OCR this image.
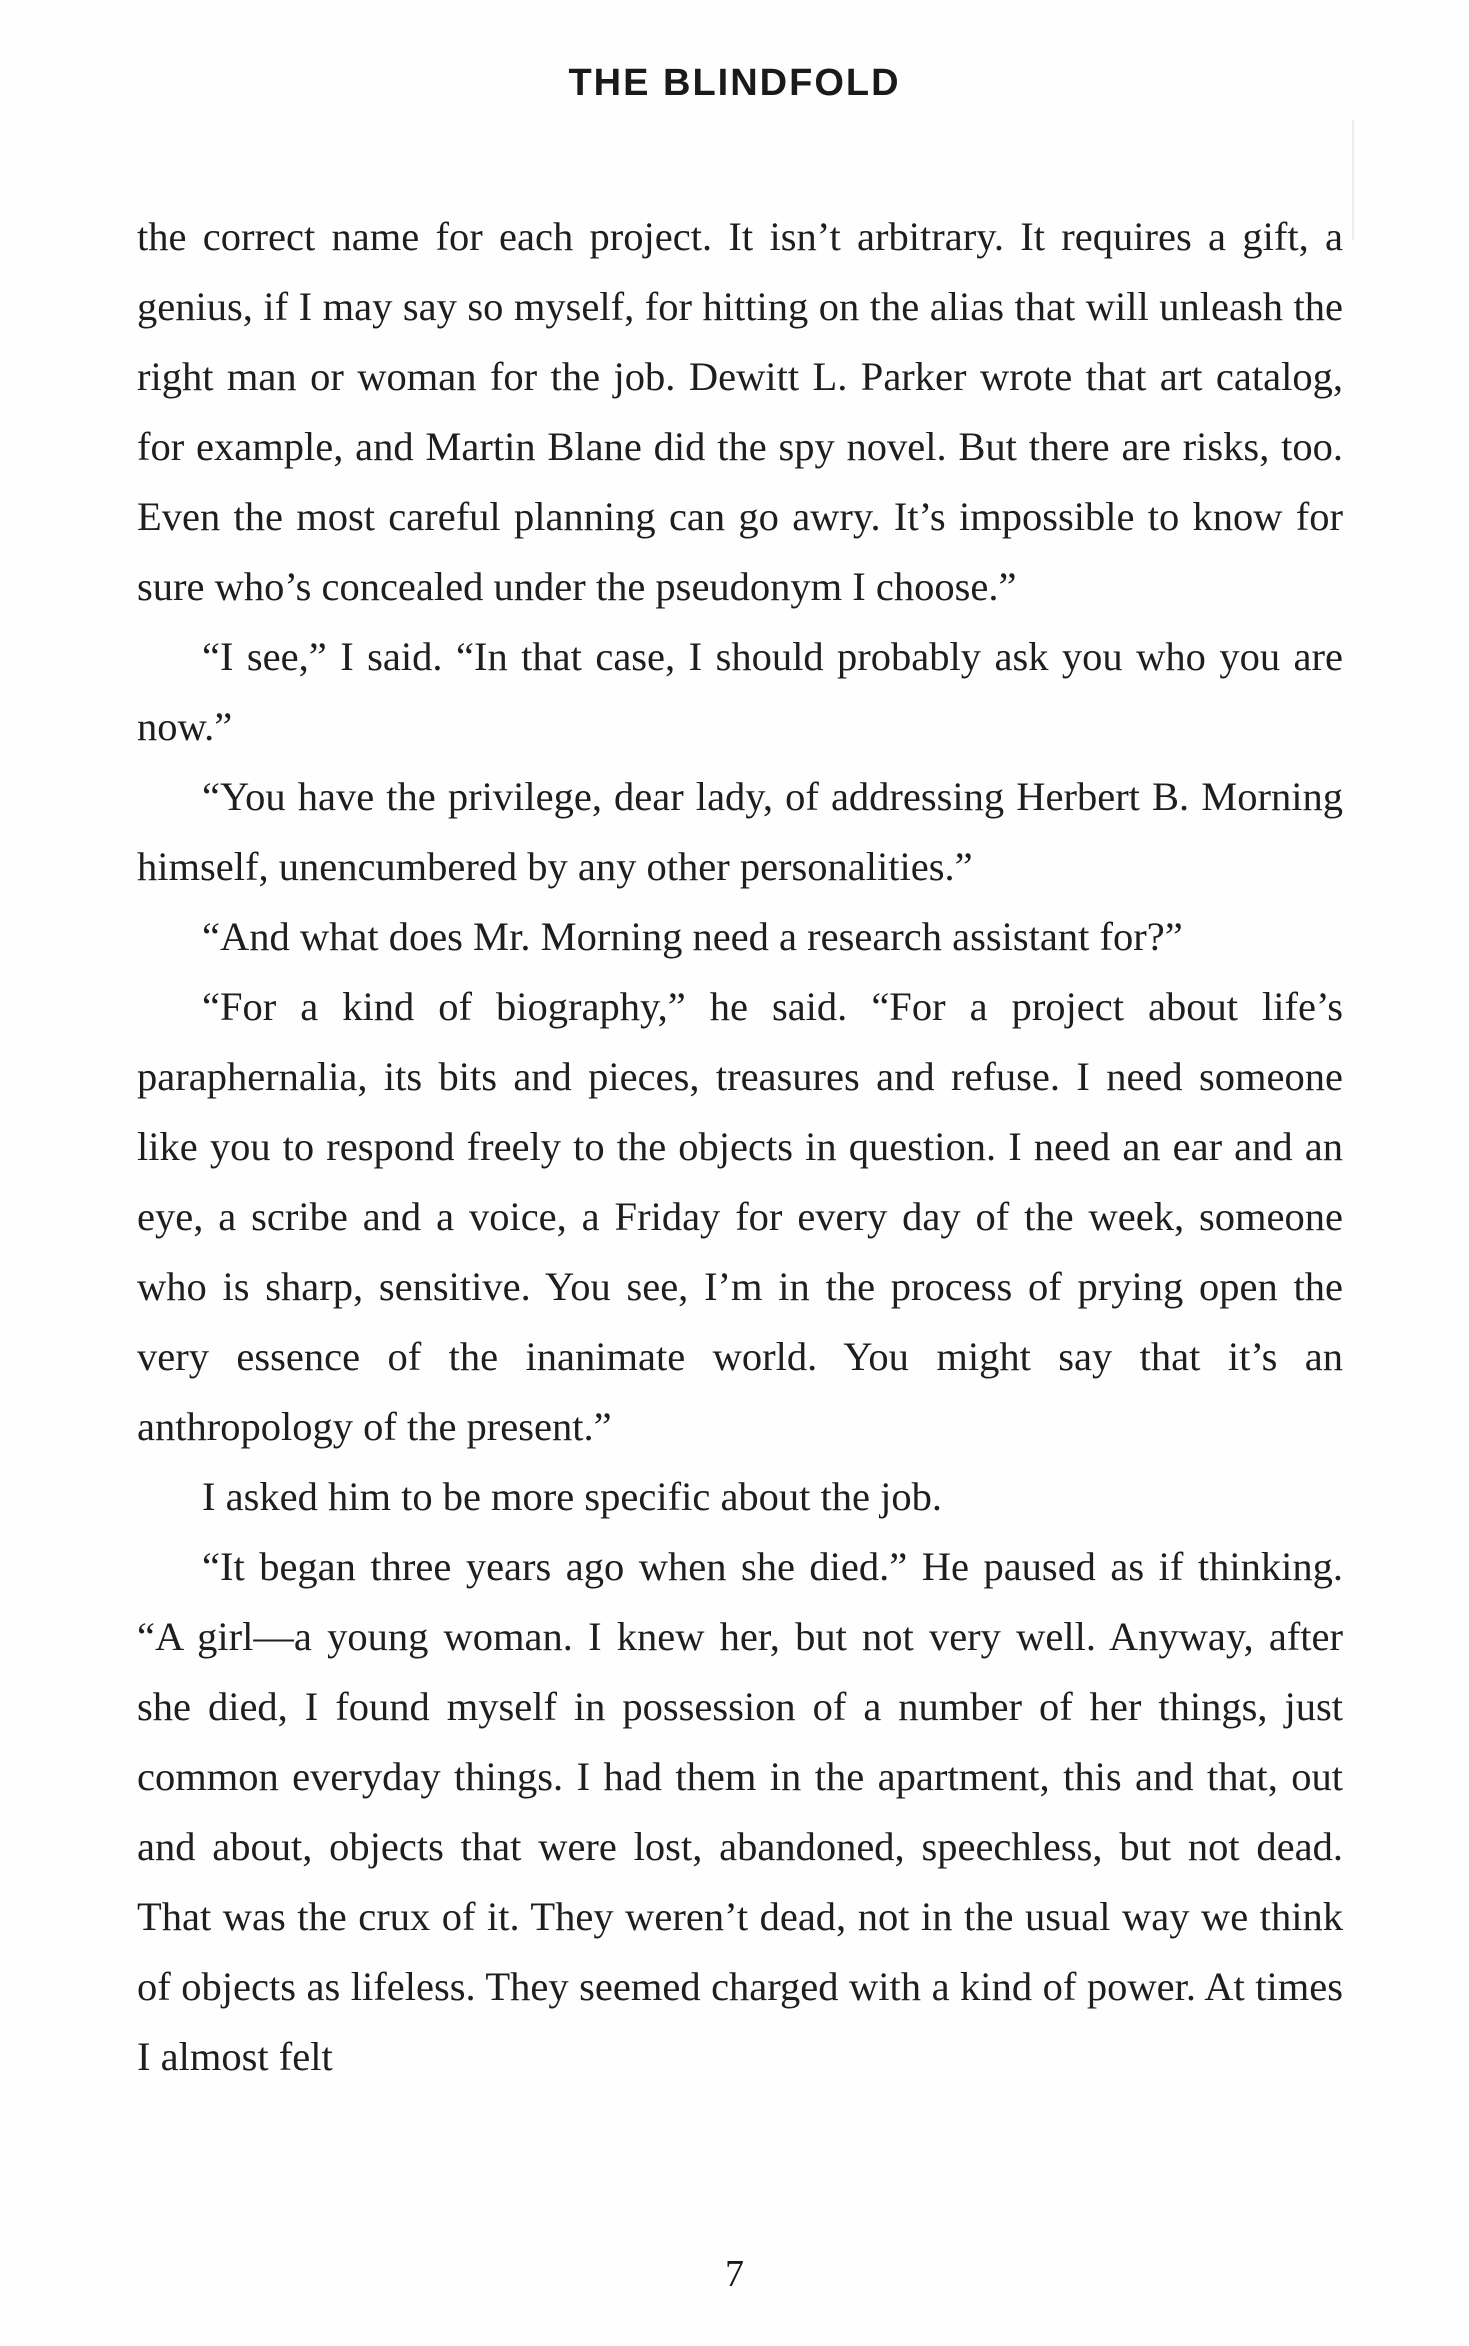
THE BLINDFOLD

the correct name for each project. It isn’t arbitrary. It requires a gift, a genius, if I may say so myself, for hitting on the alias that will unleash the right man or woman for the job. Dewitt L. Parker wrote that art catalog, for example, and Martin Blane did the spy novel. But there are risks, too. Even the most careful planning can go awry. It’s impossible to know for sure who’s concealed under the pseudonym I choose.”

“I see,” I said. “In that case, I should probably ask you who you are now.”

“You have the privilege, dear lady, of addressing Herbert B. Morning himself, unencumbered by any other personalities.”

“And what does Mr. Morning need a research assistant for?”

“For a kind of biography,” he said. “For a project about life’s paraphernalia, its bits and pieces, treasures and refuse. I need someone like you to respond freely to the objects in question. I need an ear and an eye, a scribe and a voice, a Friday for every day of the week, someone who is sharp, sensitive. You see, I’m in the process of prying open the very essence of the inanimate world. You might say that it’s an anthropology of the present.”

I asked him to be more specific about the job.

“It began three years ago when she died.” He paused as if thinking. “A girl—a young woman. I knew her, but not very well. Anyway, after she died, I found myself in possession of a number of her things, just common everyday things. I had them in the apartment, this and that, out and about, objects that were lost, abandoned, speechless, but not dead. That was the crux of it. They weren’t dead, not in the usual way we think of objects as lifeless. They seemed charged with a kind of power. At times I almost felt

7
